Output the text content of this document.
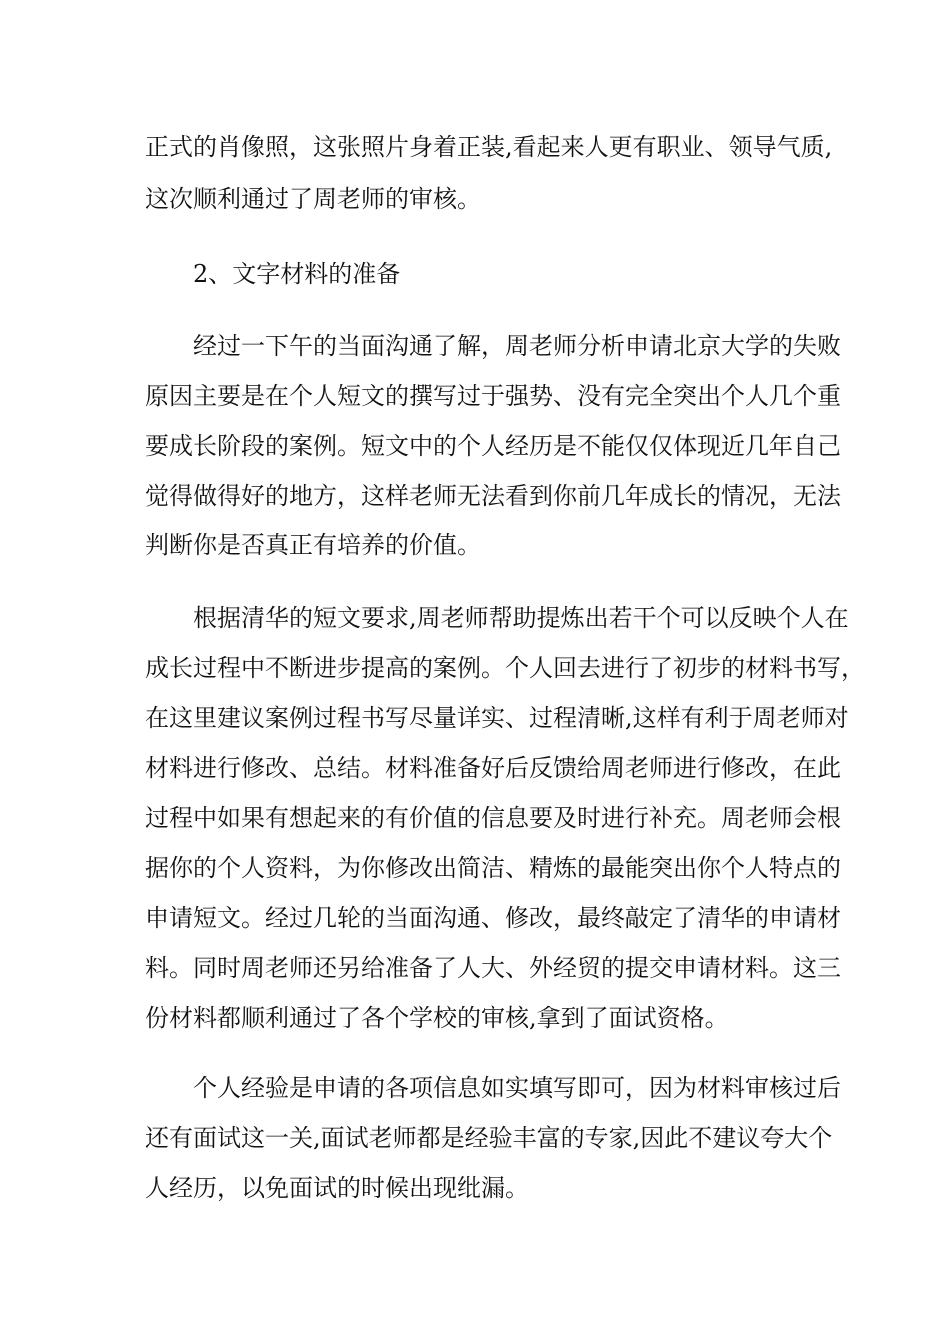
正式的肖像照，这张照片身着正装,看起来人更有职业、领导气质,
这次顺利通过了周老师的审核。
2、文字材料的准备
经过一下午的当面沟通了解，周老师分析申请北京大学的失败
原因主要是在个人短文的撰写过于强势、没有完全突出个人几个重
要成长阶段的案例。短文中的个人经历是不能仅仅体现近几年自己
觉得做得好的地方，这样老师无法看到你前几年成长的情况，无法
判断你是否真正有培养的价值。
根据清华的短文要求,周老师帮助提炼出若干个可以反映个人在
成长过程中不断进步提高的案例。个人回去进行了初步的材料书写，
在这里建议案例过程书写尽量详实、过程清晰,这样有利于周老师对
材料进行修改、总结。材料准备好后反馈给周老师进行修改，在此
过程中如果有想起来的有价值的信息要及时进行补充。周老师会根
据你的个人资料，为你修改出简洁、精炼的最能突出你个人特点的
申请短文。经过几轮的当面沟通、修改，最终敲定了清华的申请材
料。同时周老师还另给准备了人大、外经贸的提交申请材料。这三
份材料都顺利通过了各个学校的审核,拿到了面试资格。
个人经验是申请的各项信息如实填写即可，因为材料审核过后
还有面试这一关,面试老师都是经验丰富的专家,因此不建议夸大个
人经历，以免面试的时候出现纰漏。
